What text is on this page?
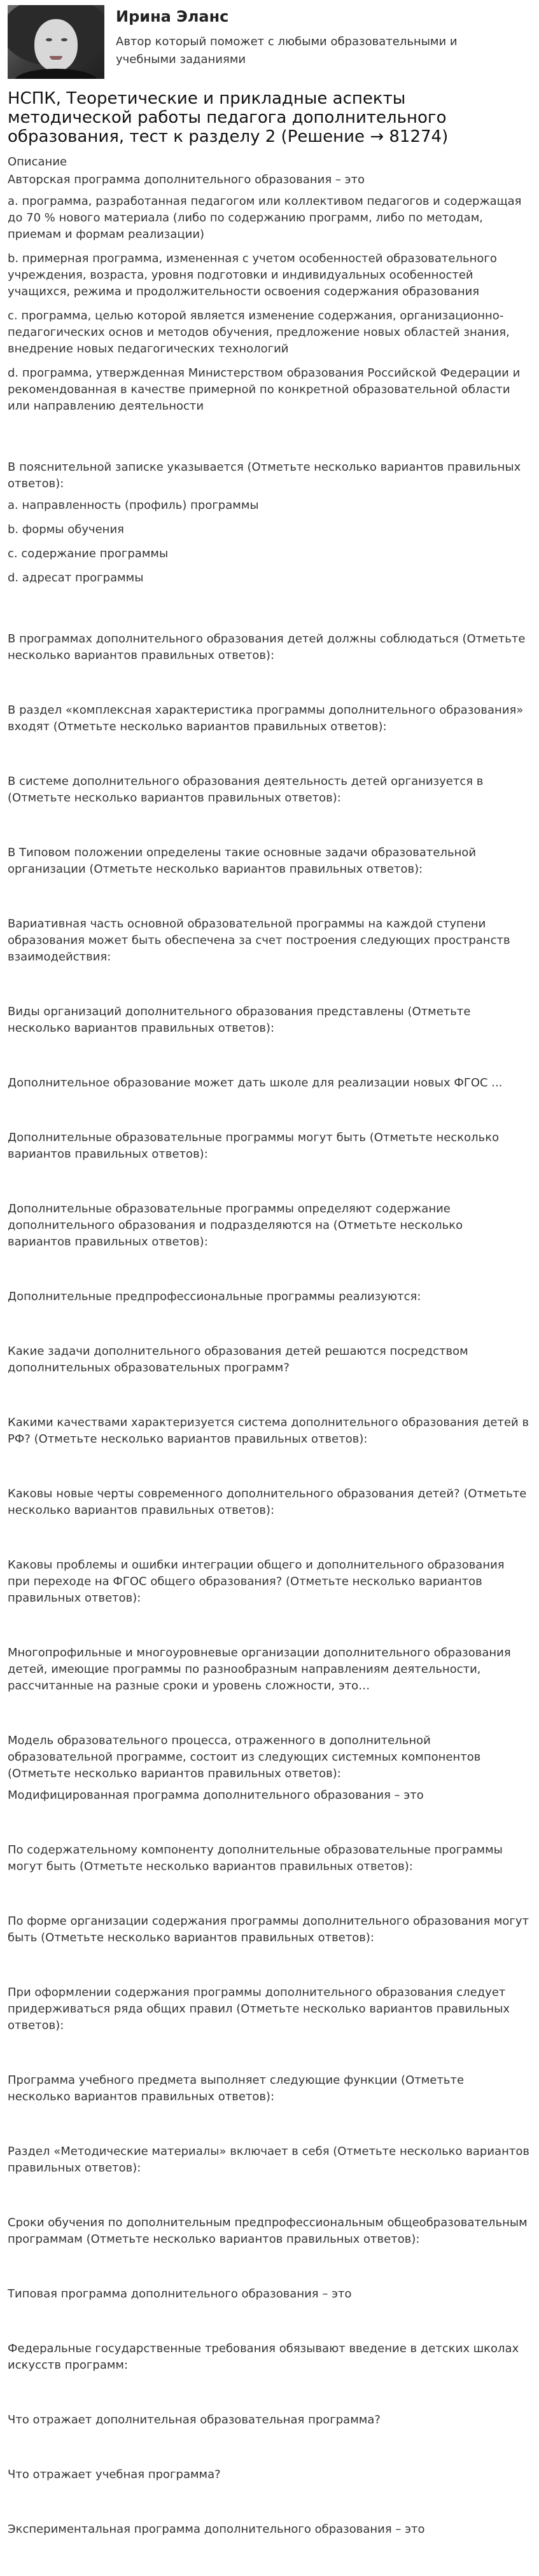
Ирина Эланс
Автор который поможет с любыми образовательными и учебными заданиями
НСПК, Теоретические и прикладные аспекты методической работы педагога дополнительного образования, тест к разделу 2 (Решение → 81274)
Описание

Авторская программа дополнительного образования – это

a. программа, разработанная педагогом или коллективом педагогов и содержащая до 70 % нового материала (либо по содержанию программ, либо по методам, приемам и формам реализации)

b. примерная программа, измененная с учетом особенностей образовательного учреждения, возраста, уровня подготовки и индивидуальных особенностей учащихся, режима и продолжительности освоения содержания образования

c. программа, целью которой является изменение содержания, организационно-педагогических основ и методов обучения, предложение новых областей знания, внедрение новых педагогических технологий

d. программа, утвержденная Министерством образования Российской Федерации и рекомендованная в качестве примерной по конкретной образовательной области или направлению деятельности

В пояснительной записке указывается (Отметьте несколько вариантов правильных ответов):

a. направленность (профиль) программы

b. формы обучения

c. содержание программы

d. адресат программы

В программах дополнительного образования детей должны соблюдаться (Отметьте несколько вариантов правильных ответов):

В раздел «комплексная характеристика программы дополнительного образования» входят (Отметьте несколько вариантов правильных ответов):

В системе дополнительного образования деятельность детей организуется в (Отметьте несколько вариантов правильных ответов):

В Типовом положении определены такие основные задачи образовательной организации (Отметьте несколько вариантов правильных ответов):

Вариативная часть основной образовательной программы на каждой ступени образования может быть обеспечена за счет построения следующих пространств взаимодействия:

Виды организаций дополнительного образования представлены (Отметьте несколько вариантов правильных ответов):

Дополнительное образование может дать школе для реализации новых ФГОС ...

Дополнительные образовательные программы могут быть (Отметьте несколько вариантов правильных ответов):

Дополнительные образовательные программы определяют содержание дополнительного образования и подразделяются на (Отметьте несколько вариантов правильных ответов):

Дополнительные предпрофессиональные программы реализуются:

Какие задачи дополнительного образования детей решаются посредством дополнительных образовательных программ?

Какими качествами характеризуется система дополнительного образования детей в РФ? (Отметьте несколько вариантов правильных ответов):

Каковы новые черты современного дополнительного образования детей? (Отметьте несколько вариантов правильных ответов):

Каковы проблемы и ошибки интеграции общего и дополнительного образования при переходе на ФГОС общего образования? (Отметьте несколько вариантов правильных ответов):

Многопрофильные и многоуровневые организации дополнительного образования детей, имеющие программы по разнообразным направлениям деятельности, рассчитанные на разные сроки и уровень сложности, это…

Модель образовательного процесса, отраженного в дополнительной образовательной программе, состоит из следующих системных компонентов (Отметьте несколько вариантов правильных ответов):

Модифицированная программа дополнительного образования – это

По содержательному компоненту дополнительные образовательные программы могут быть (Отметьте несколько вариантов правильных ответов):

По форме организации содержания программы дополнительного образования могут быть (Отметьте несколько вариантов правильных ответов):

При оформлении содержания программы дополнительного образования следует придерживаться ряда общих правил (Отметьте несколько вариантов правильных ответов):

Программа учебного предмета выполняет следующие функции (Отметьте несколько вариантов правильных ответов):

Раздел «Методические материалы» включает в себя (Отметьте несколько вариантов правильных ответов):

Сроки обучения по дополнительным предпрофессиональным общеобразовательным программам (Отметьте несколько вариантов правильных ответов):

Типовая программа дополнительного образования – это

Федеральные государственные требования обязывают введение в детских школах искусств программ:

Что отражает дополнительная образовательная программа?

Что отражает учебная программа?

Экспериментальная программа дополнительного образования – это
